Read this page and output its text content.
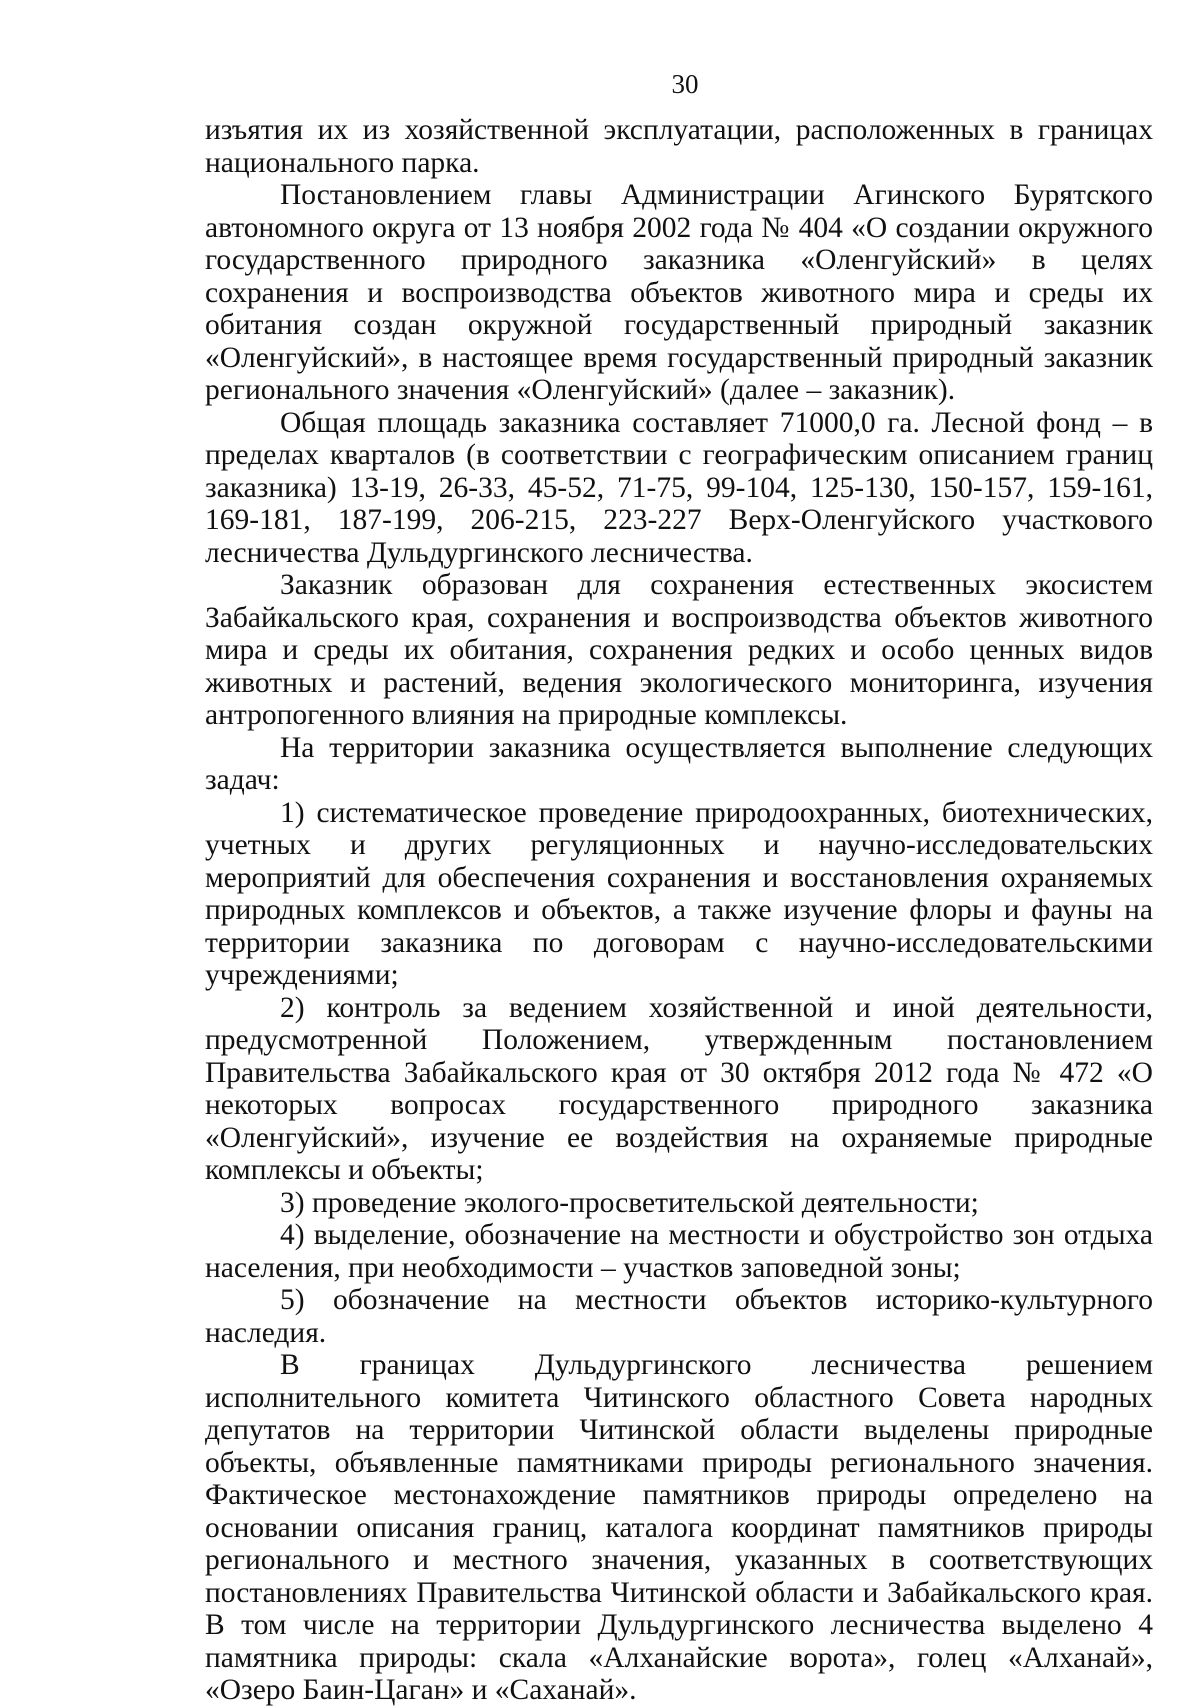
30

изъятия их из хозяйственной эксплуатации, расположенных в границах национального парка.

Постановлением главы Администрации Агинского Бурятского автономного округа от 13 ноября 2002 года № 404 «О создании окружного государственного природного заказника «Оленгуйский» в целях сохранения и воспроизводства объектов животного мира и среды их обитания создан окружной государственный природный заказник «Оленгуйский», в настоящее время государственный природный заказник регионального значения «Оленгуйский» (далее – заказник).

Общая площадь заказника составляет 71000,0 га. Лесной фонд – в пределах кварталов (в соответствии с географическим описанием границ заказника) 13-19, 26-33, 45-52, 71-75, 99-104, 125-130, 150-157, 159-161, 169-181, 187-199, 206-215, 223-227 Верх-Оленгуйского участкового лесничества Дульдургинского лесничества.

Заказник образован для сохранения естественных экосистем Забайкальского края, сохранения и воспроизводства объектов животного мира и среды их обитания, сохранения редких и особо ценных видов животных и растений, ведения экологического мониторинга, изучения антропогенного влияния на природные комплексы.

На территории заказника осуществляется выполнение следующих задач:

1) систематическое проведение природоохранных, биотехнических, учетных и других регуляционных и научно-исследовательских мероприятий для обеспечения сохранения и восстановления охраняемых природных комплексов и объектов, а также изучение флоры и фауны на территории заказника по договорам с научно-исследовательскими учреждениями;

2) контроль за ведением хозяйственной и иной деятельности, предусмотренной Положением, утвержденным постановлением Правительства Забайкальского края от 30 октября 2012 года № 472 «О некоторых вопросах государственного природного заказника «Оленгуйский», изучение ее воздействия на охраняемые природные комплексы и объекты;

3) проведение эколого-просветительской деятельности;

4) выделение, обозначение на местности и обустройство зон отдыха населения, при необходимости – участков заповедной зоны;

5) обозначение на местности объектов историко-культурного наследия.

В границах Дульдургинского лесничества решением исполнительного комитета Читинского областного Совета народных депутатов на территории Читинской области выделены природные объекты, объявленные памятниками природы регионального значения. Фактическое местонахождение памятников природы определено на основании описания границ, каталога координат памятников природы регионального и местного значения, указанных в соответствующих постановлениях Правительства Читинской области и Забайкальского края. В том числе на территории Дульдургинского лесничества выделено 4 памятника природы: скала «Алханайские ворота», голец «Алханай», «Озеро Баин-Цаган» и «Саханай».
